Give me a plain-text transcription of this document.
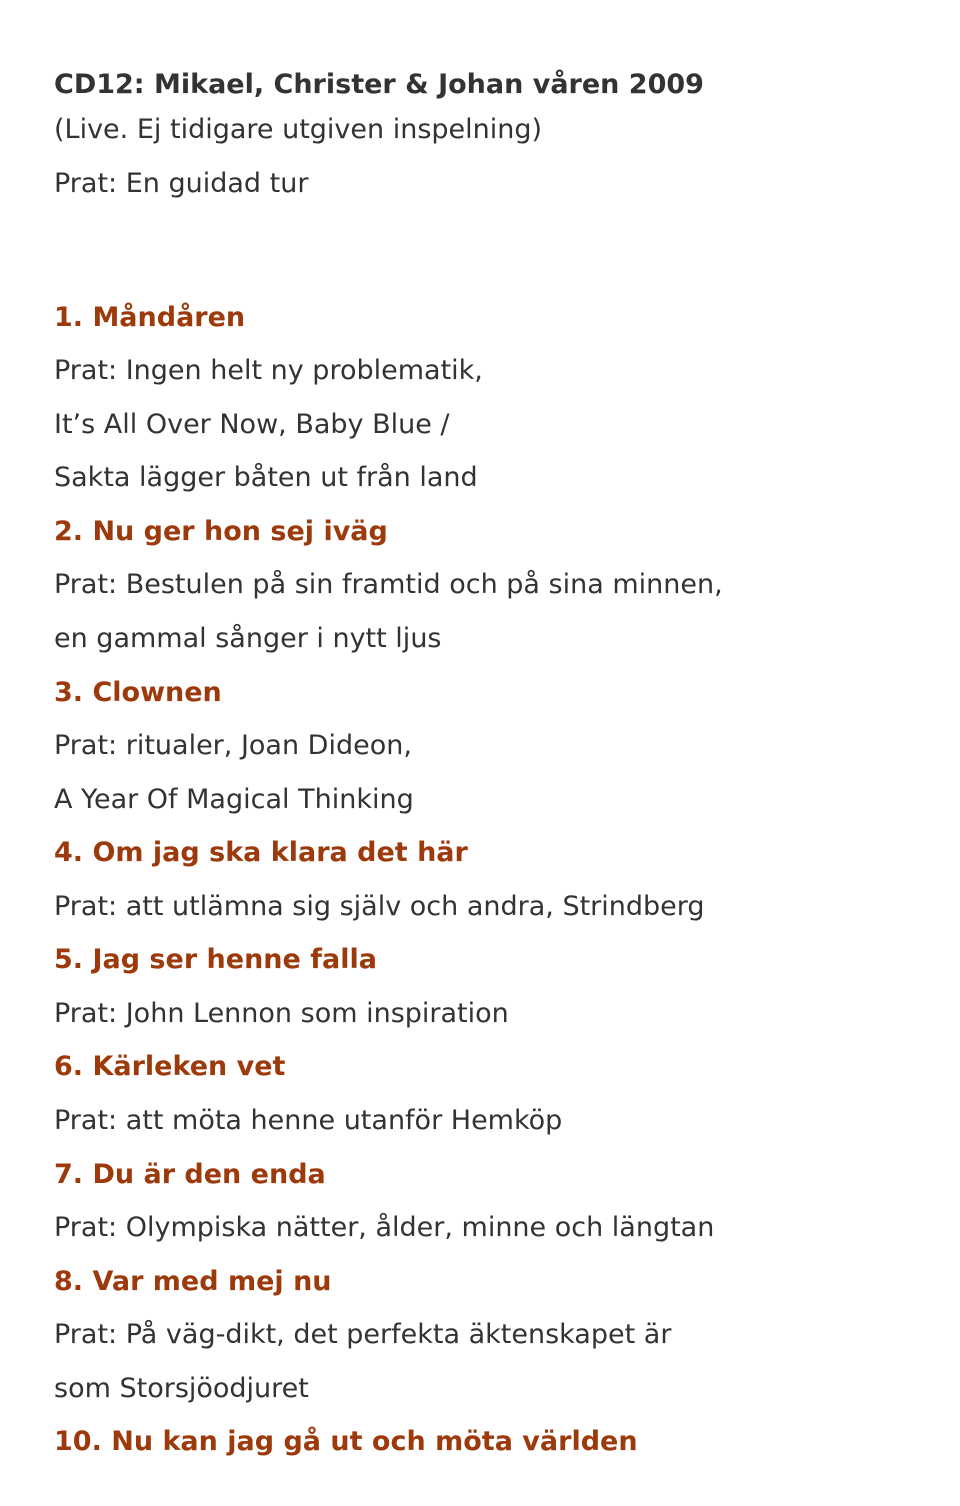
CD12: Mikael, Christer & Johan våren 2009
(Live. Ej tidigare utgiven inspelning)
Prat: En guidad tur
1. Måndåren
Prat: Ingen helt ny problematik,
It’s All Over Now, Baby Blue /
Sakta lägger båten ut från land
2. Nu ger hon sej iväg
Prat: Bestulen på sin framtid och på sina minnen,
en gammal sånger i nytt ljus
3. Clownen
Prat: ritualer, Joan Dideon,
A Year Of Magical Thinking
4. Om jag ska klara det här
Prat: att utlämna sig själv och andra, Strindberg
5. Jag ser henne falla
Prat: John Lennon som inspiration
6. Kärleken vet
Prat: att möta henne utanför Hemköp
7. Du är den enda
Prat: Olympiska nätter, ålder, minne och längtan
8. Var med mej nu
Prat: På väg-dikt, det perfekta äktenskapet är
som Storsjöodjuret
10. Nu kan jag gå ut och möta världen
